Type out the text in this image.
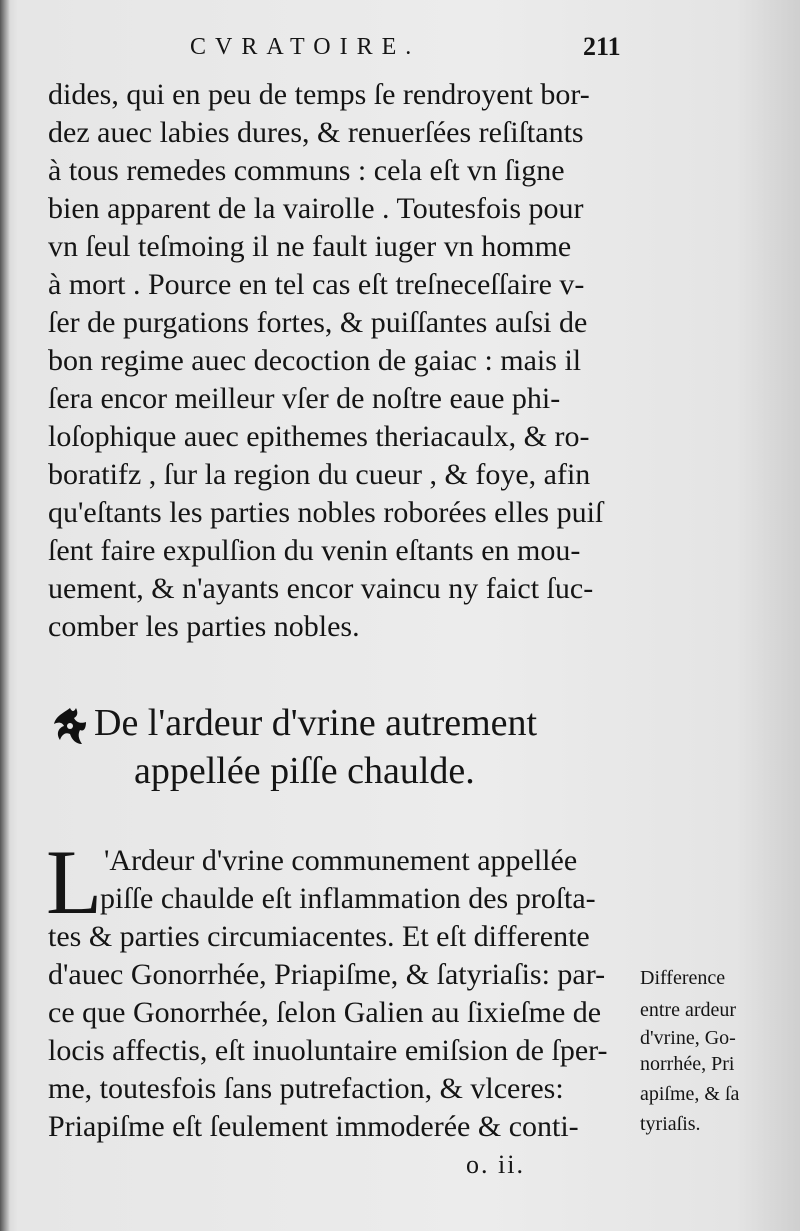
CVRATOIRE.	211
dides, qui en peu de temps ſe rendroyent bor-
dez auec labies dures, & renuerſées reſiſtants
à tous remedes communs : cela eſt vn ſigne
bien apparent de la vairolle . Toutesfois pour
vn ſeul teſmoing il ne fault iuger vn homme
à mort . Pource en tel cas eſt treſneceſſaire v-
ſer de purgations fortes, & puiſſantes auſsi de
bon regime auec decoction de gaiac : mais il
ſera encor meilleur vſer de noſtre eaue phi-
loſophique auec epithemes theriacaulx, & ro-
boratifz , ſur la region du cueur , & foye, afin
qu'eſtants les parties nobles roborées elles puiſ
ſent faire expulſion du venin eſtants en mou-
uement, & n'ayants encor vaincu ny faict ſuc-
comber les parties nobles.
De l'ardeur d'vrine autrement
appellée piſſe chaulde.
L 'Ardeur d'vrine communement appellée
piſſe chaulde eſt inflammation des proſta-
tes & parties circumiacentes. Et eſt differente
d'auec Gonorrhée, Priapiſme, & ſatyriaſis: par-
ce que Gonorrhée, ſelon Galien au ſixieſme de
locis affectis, eſt inuoluntaire emiſsion de ſper-
me, toutesfois ſans putrefaction, & vlceres:
Priapiſme eſt ſeulement immoderée & conti-
Difference
entre ardeur
d'vrine, Go-
norrhée, Pri
apiſme, & ſa
tyriaſis.
o. ii.
